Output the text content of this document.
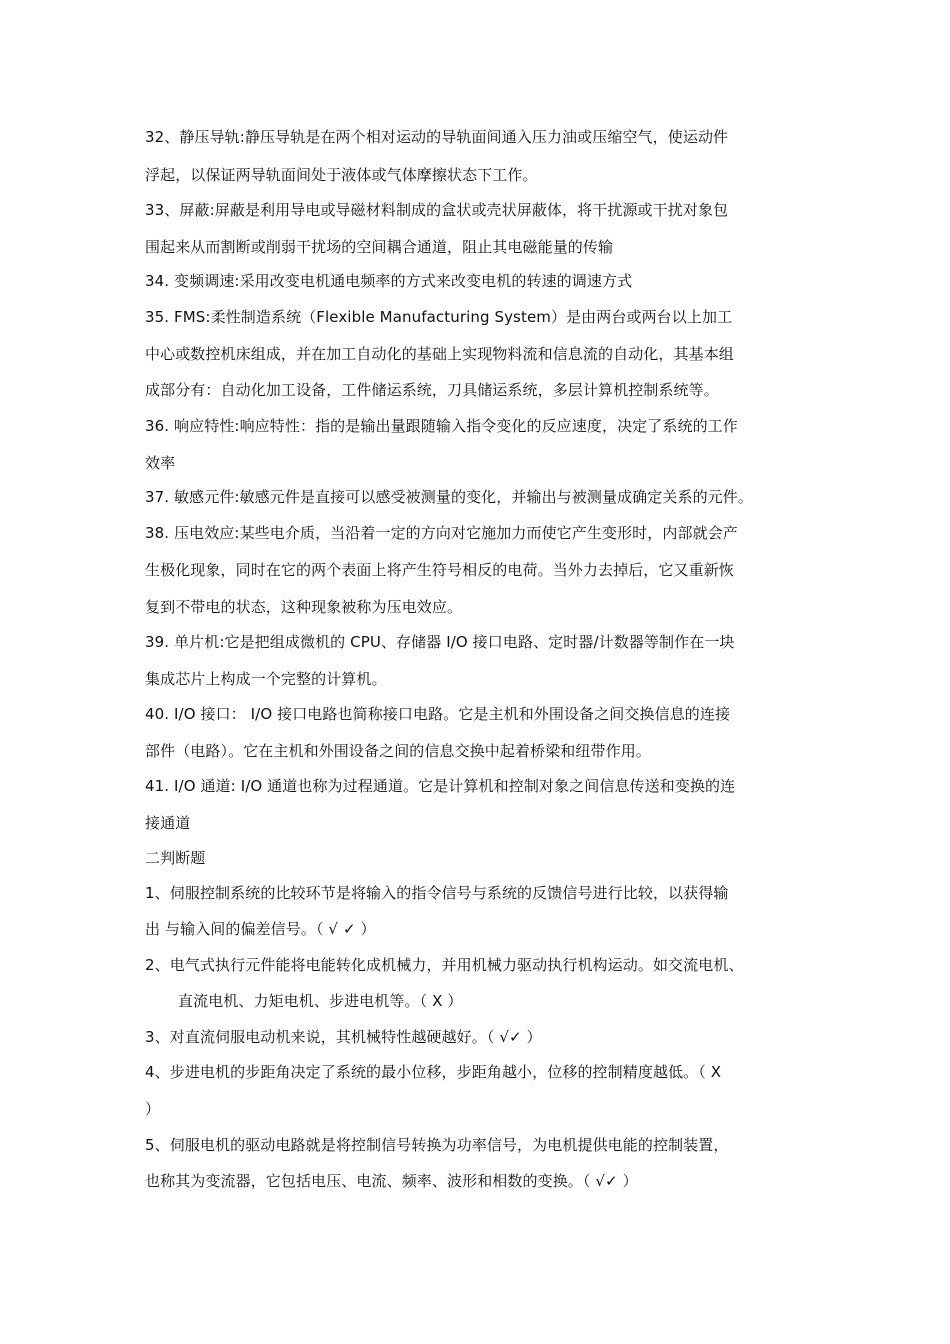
32、静压导轨:静压导轨是在两个相对运动的导轨面间通入压力油或压缩空气，使运动件
浮起，以保证两导轨面间处于液体或气体摩擦状态下工作。
33、屏蔽:屏蔽是利用导电或导磁材料制成的盒状或壳状屏蔽体，将干扰源或干扰对象包
围起来从而割断或削弱干扰场的空间耦合通道，阻止其电磁能量的传输
34. 变频调速:采用改变电机通电频率的方式来改变电机的转速的调速方式
35. FMS:柔性制造系统（Flexible Manufacturing System）是由两台或两台以上加工
中心或数控机床组成，并在加工自动化的基础上实现物料流和信息流的自动化，其基本组
成部分有：自动化加工设备，工件储运系统，刀具储运系统，多层计算机控制系统等。
36. 响应特性:响应特性：指的是输出量跟随输入指令变化的反应速度，决定了系统的工作
效率
37. 敏感元件:敏感元件是直接可以感受被测量的变化，并输出与被测量成确定关系的元件。
38. 压电效应:某些电介质，当沿着一定的方向对它施加力而使它产生变形时，内部就会产
生极化现象，同时在它的两个表面上将产生符号相反的电荷。当外力去掉后，它又重新恢
复到不带电的状态，这种现象被称为压电效应。
39. 单片机:它是把组成微机的 CPU、存储器 I/O 接口电路、定时器/计数器等制作在一块
集成芯片上构成一个完整的计算机。
40. I/O 接口： I/O 接口电路也简称接口电路。它是主机和外围设备之间交换信息的连接
部件（电路）。它在主机和外围设备之间的信息交换中起着桥梁和纽带作用。
41. I/O 通道: I/O 通道也称为过程通道。它是计算机和控制对象之间信息传送和变换的连
接通道
二判断题
1、伺服控制系统的比较环节是将输入的指令信号与系统的反馈信号进行比较，以获得输
出 与输入间的偏差信号。（ √ ✓ ）
2、电气式执行元件能将电能转化成机械力，并用机械力驱动执行机构运动。如交流电机、
直流电机、力矩电机、步进电机等。（ X ）
3、对直流伺服电动机来说，其机械特性越硬越好。（ √✓ ）
4、步进电机的步距角决定了系统的最小位移，步距角越小，位移的控制精度越低。（ X
）
5、伺服电机的驱动电路就是将控制信号转换为功率信号，为电机提供电能的控制装置，
也称其为变流器，它包括电压、电流、频率、波形和相数的变换。（ √✓ ）
